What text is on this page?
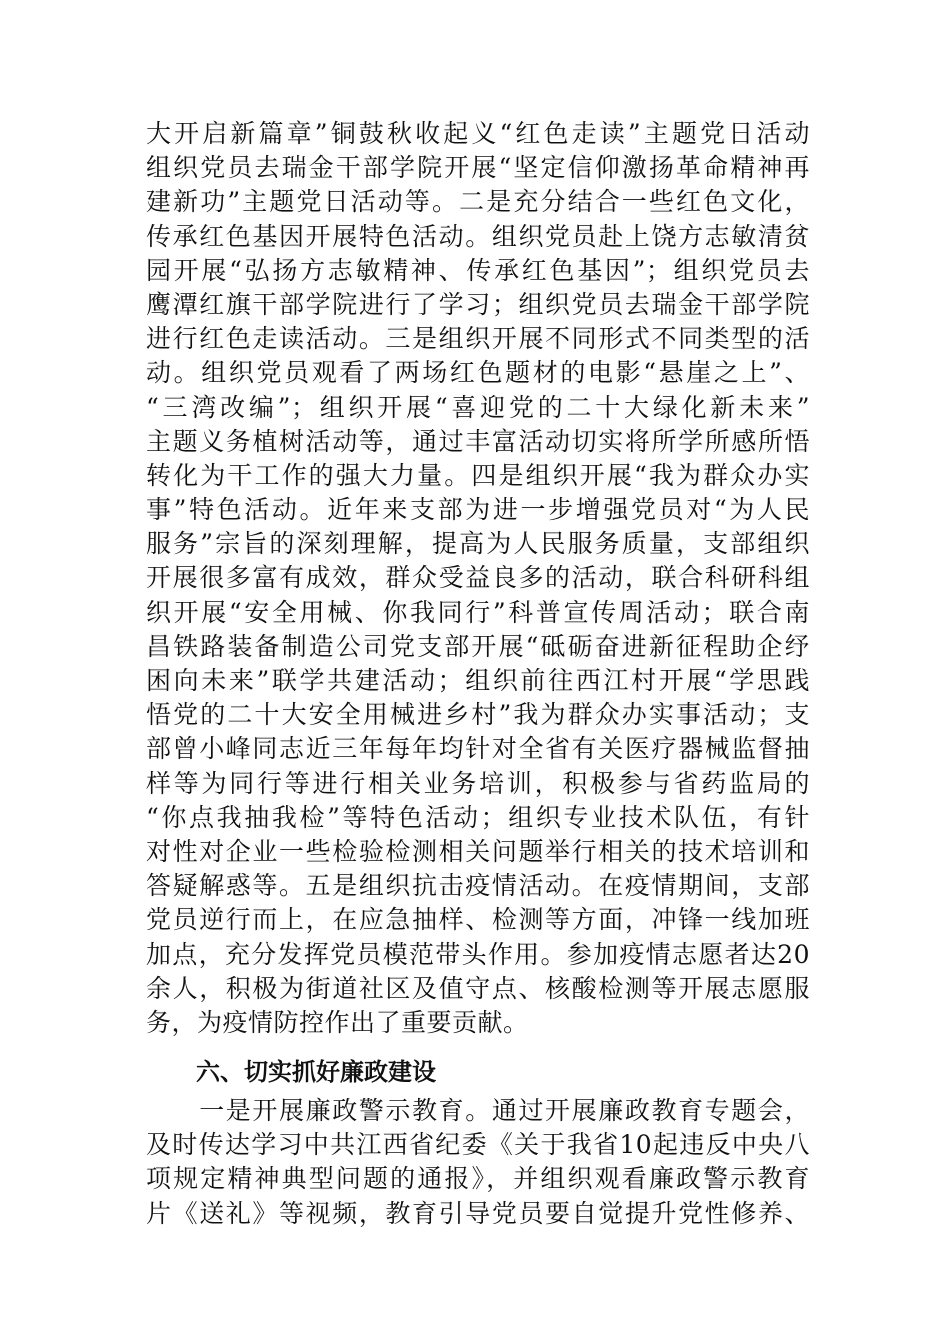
大开启新篇章”铜鼓秋收起义“红色走读”主题党日活动
组织党员去瑞金干部学院开展“坚定信仰激扬革命精神再
建新功”主题党日活动等。二是充分结合一些红色文化，
传承红色基因开展特色活动。组织党员赴上饶方志敏清贫
园开展“弘扬方志敏精神、传承红色基因”；组织党员去
鹰潭红旗干部学院进行了学习；组织党员去瑞金干部学院
进行红色走读活动。三是组织开展不同形式不同类型的活
动。组织党员观看了两场红色题材的电影“悬崖之上”、
“三湾改编”；组织开展“喜迎党的二十大绿化新未来”
主题义务植树活动等，通过丰富活动切实将所学所感所悟
转化为干工作的强大力量。四是组织开展“我为群众办实
事”特色活动。近年来支部为进一步增强党员对“为人民
服务”宗旨的深刻理解，提高为人民服务质量，支部组织
开展很多富有成效，群众受益良多的活动，联合科研科组
织开展“安全用械、你我同行”科普宣传周活动；联合南
昌铁路装备制造公司党支部开展“砥砺奋进新征程助企纾
困向未来”联学共建活动；组织前往西江村开展“学思践
悟党的二十大安全用械进乡村”我为群众办实事活动；支
部曾小峰同志近三年每年均针对全省有关医疗器械监督抽
样等为同行等进行相关业务培训，积极参与省药监局的
“你点我抽我检”等特色活动；组织专业技术队伍，有针
对性对企业一些检验检测相关问题举行相关的技术培训和
答疑解惑等。五是组织抗击疫情活动。在疫情期间，支部
党员逆行而上，在应急抽样、检测等方面，冲锋一线加班
加点，充分发挥党员模范带头作用。参加疫情志愿者达20
余人，积极为街道社区及值守点、核酸检测等开展志愿服
务，为疫情防控作出了重要贡献。
六、切实抓好廉政建设
　　一是开展廉政警示教育。通过开展廉政教育专题会，
及时传达学习中共江西省纪委《关于我省10起违反中央八
项规定精神典型问题的通报》，并组织观看廉政警示教育
片《送礼》等视频，教育引导党员要自觉提升党性修养、
